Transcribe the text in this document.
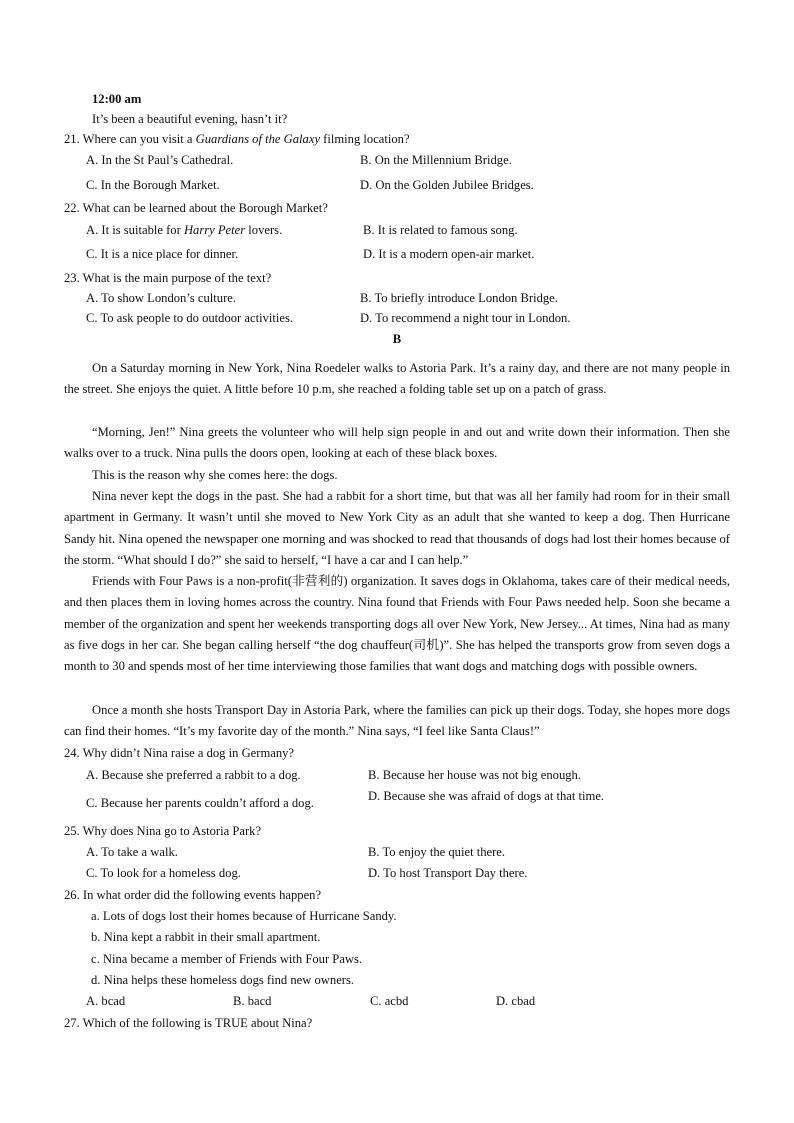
12:00 am
It’s been a beautiful evening, hasn’t it?
21. Where can you visit a Guardians of the Galaxy filming location?
A. In the St Paul’s Cathedral.	B. On the Millennium Bridge.
C. In the Borough Market.	D. On the Golden Jubilee Bridges.
22. What can be learned about the Borough Market?
A. It is suitable for Harry Peter lovers.	B. It is related to famous song.
C. It is a nice place for dinner.	D. It is a modern open-air market.
23. What is the main purpose of the text?
A. To show London’s culture.	B. To briefly introduce London Bridge.
C. To ask people to do outdoor activities.	D. To recommend a night tour in London.
B
On a Saturday morning in New York, Nina Roedeler walks to Astoria Park. It’s a rainy day, and there are not many people in the street. She enjoys the quiet. A little before 10 p.m, she reached a folding table set up on a patch of grass.
“Morning, Jen!” Nina greets the volunteer who will help sign people in and out and write down their information. Then she walks over to a truck. Nina pulls the doors open, looking at each of these black boxes.
This is the reason why she comes here: the dogs.
Nina never kept the dogs in the past. She had a rabbit for a short time, but that was all her family had room for in their small apartment in Germany. It wasn’t until she moved to New York City as an adult that she wanted to keep a dog. Then Hurricane Sandy hit. Nina opened the newspaper one morning and was shocked to read that thousands of dogs had lost their homes because of the storm. “What should I do?” she said to herself, “I have a car and I can help.”
Friends with Four Paws is a non-profit(非营利的) organization. It saves dogs in Oklahoma, takes care of their medical needs, and then places them in loving homes across the country. Nina found that Friends with Four Paws needed help. Soon she became a member of the organization and spent her weekends transporting dogs all over New York, New Jersey... At times, Nina had as many as five dogs in her car. She began calling herself “the dog chauffeur(司机)”. She has helped the transports grow from seven dogs a month to 30 and spends most of her time interviewing those families that want dogs and matching dogs with possible owners.
Once a month she hosts Transport Day in Astoria Park, where the families can pick up their dogs. Today, she hopes more dogs can find their homes. “It’s my favorite day of the month.” Nina says, “I feel like Santa Claus!”
24. Why didn’t Nina raise a dog in Germany?
A. Because she preferred a rabbit to a dog.	B. Because her house was not big enough.
C. Because her parents couldn’t afford a dog.	D. Because she was afraid of dogs at that time.
25. Why does Nina go to Astoria Park?
A. To take a walk.	B. To enjoy the quiet there.
C. To look for a homeless dog.	D. To host Transport Day there.
26. In what order did the following events happen?
a. Lots of dogs lost their homes because of Hurricane Sandy.
b. Nina kept a rabbit in their small apartment.
c. Nina became a member of Friends with Four Paws.
d. Nina helps these homeless dogs find new owners.
A. bcad	B. bacd	C. acbd	D. cbad
27. Which of the following is TRUE about Nina?
